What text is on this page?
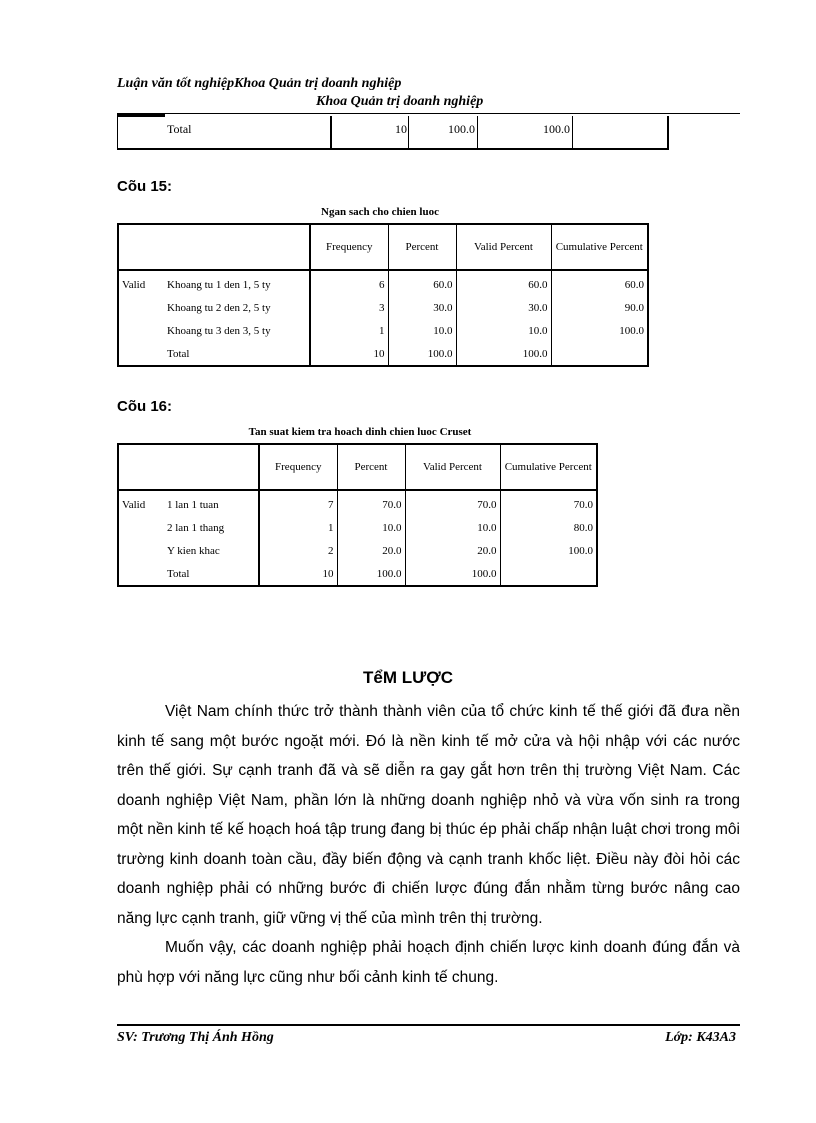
Luận văn tốt nghiệpKhoa Quản trị doanh nghiệp
Khoa Quản trị doanh nghiệp
Total	10	100.0	100.0
Cõu 15:
Ngan sach cho chien luoc
		Frequency	Percent	Valid Percent	Cumulative Percent
Valid	Khoang tu 1 den 1, 5 ty	6	60.0	60.0	60.0
	Khoang tu 2 den 2, 5 ty	3	30.0	30.0	90.0
	Khoang tu 3 den 3, 5 ty	1	10.0	10.0	100.0
	Total	10	100.0	100.0	
Cõu 16:
Tan suat kiem tra hoach dinh chien luoc Cruset
		Frequency	Percent	Valid Percent	Cumulative Percent
Valid	1 lan 1 tuan	7	70.0	70.0	70.0
	2 lan 1 thang	1	10.0	10.0	80.0
	Y kien khac	2	20.0	20.0	100.0
	Total	10	100.0	100.0	
TểM LƯỢC

Việt Nam chính thức trở thành thành viên của tổ chức kinh tế thế giới đã đưa nền kinh tế sang một bước ngoặt mới. Đó là nền kinh tế mở cửa và hội nhập với các nước trên thế giới. Sự cạnh tranh đã và sẽ diễn ra gay gắt hơn trên thị trường Việt Nam. Các doanh nghiệp Việt Nam, phần lớn là những doanh nghiệp nhỏ và vừa vốn sinh ra trong một nền kinh tế kế hoạch hoá tập trung đang bị thúc ép phải chấp nhận luật chơi trong môi trường kinh doanh toàn cầu, đầy biến động và cạnh tranh khốc liệt. Điều này đòi hỏi các doanh nghiệp phải có những bước đi chiến lược đúng đắn nhằm từng bước nâng cao năng lực cạnh tranh, giữ vững vị thế của mình trên thị trường.

Muốn vậy, các doanh nghiệp phải hoạch định chiến lược kinh doanh đúng đắn và phù hợp với năng lực cũng như bối cảnh kinh tế chung.

SV: Trương Thị Ánh Hồng	Lớp: K43A3
